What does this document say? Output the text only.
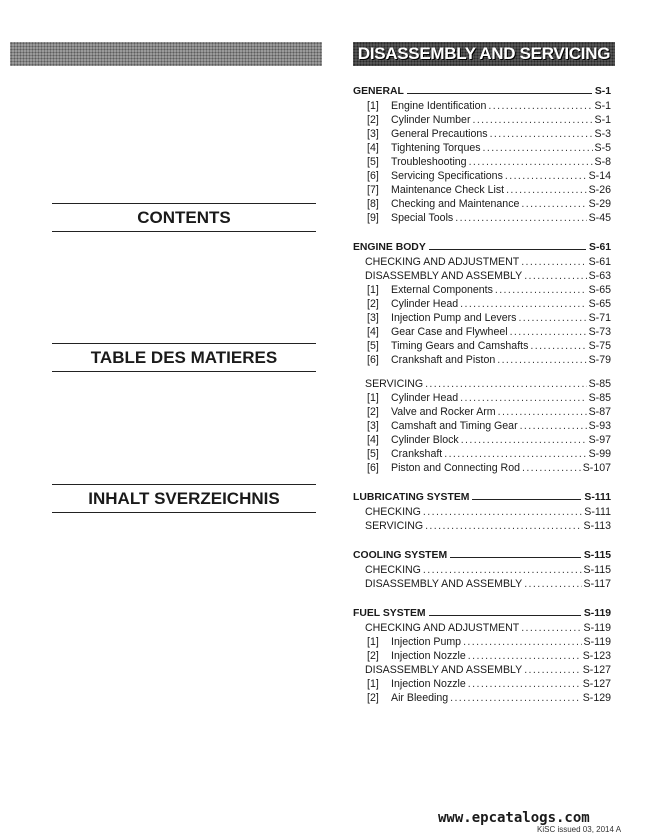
DISASSEMBLY AND SERVICING
CONTENTS
TABLE DES MATIERES
INHALT SVERZEICHNIS
GENERAL	S-1
[1] Engine Identification .....	S-1
[2] Cylinder Number .....	S-1
[3] General Precautions .....	S-3
[4] Tightening Torques .....	S-5
[5] Troubleshooting .....	S-8
[6] Servicing Specifications .....	S-14
[7] Maintenance Check List .....	S-26
[8] Checking and Maintenance .....	S-29
[9] Special Tools .....	S-45
ENGINE BODY	S-61
CHECKING AND ADJUSTMENT .....	S-61
DISASSEMBLY AND ASSEMBLY .....	S-63
[1] External Components .....	S-65
[2] Cylinder Head .....	S-65
[3] Injection Pump and Levers .....	S-71
[4] Gear Case and Flywheel .....	S-73
[5] Timing Gears and Camshafts .....	S-75
[6] Crankshaft and Piston .....	S-79
SERVICING .....	S-85
[1] Cylinder Head .....	S-85
[2] Valve and Rocker Arm .....	S-87
[3] Camshaft and Timing Gear .....	S-93
[4] Cylinder Block .....	S-97
[5] Crankshaft .....	S-99
[6] Piston and Connecting Rod .....	S-107
LUBRICATING SYSTEM	S-111
CHECKING .....	S-111
SERVICING .....	S-113
COOLING SYSTEM	S-115
CHECKING .....	S-115
DISASSEMBLY AND ASSEMBLY .....	S-117
FUEL SYSTEM	S-119
CHECKING AND ADJUSTMENT .....	S-119
[1] Injection Pump .....	S-119
[2] Injection Nozzle .....	S-123
DISASSEMBLY AND ASSEMBLY .....	S-127
[1] Injection Nozzle .....	S-127
[2] Air Bleeding .....	S-129
www.epcatalogs.com
KiSC issued 03, 2014 A
